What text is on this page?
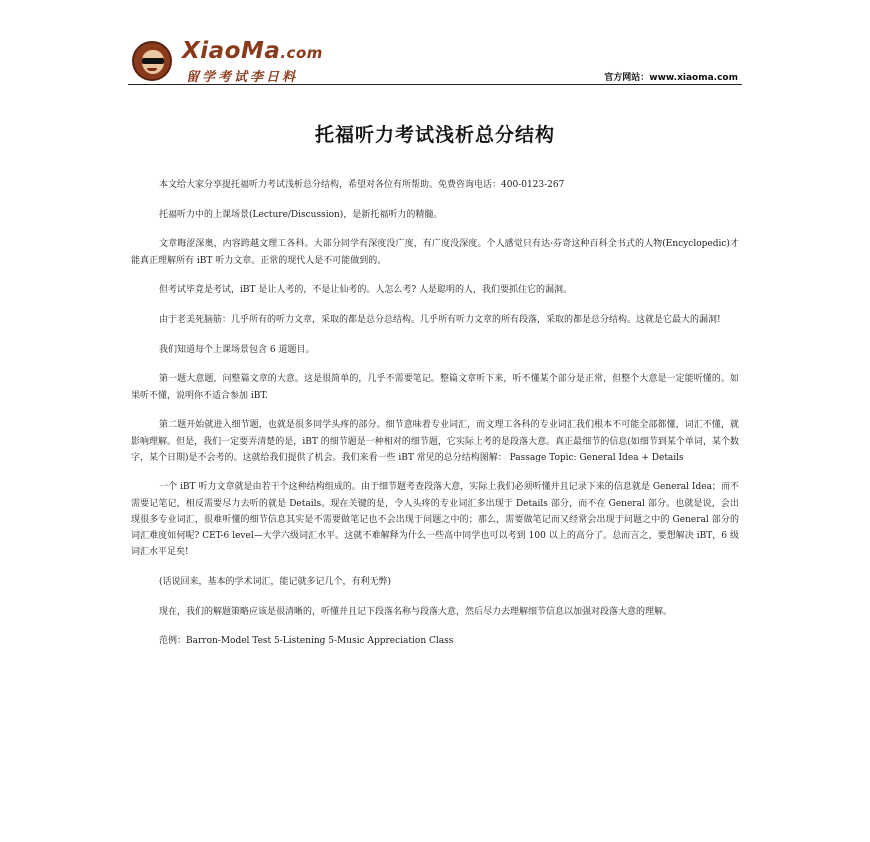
XiaoMa.com
留学考试李日料	官方网站：www.xiaoma.com
托福听力考试浅析总分结构

本文给大家分享提托福听力考试浅析总分结构，希望对各位有所帮助。免费咨询电话：400-0123-267

托福听力中的上课场景(Lecture/Discussion)，是新托福听力的精髓。

文章晦涩深奥，内容跨越文理工各科。大部分同学有深度没广度，有广度没深度。个人感觉只有达·芬奇这种百科全书式的人物(Encyclopedic)才能真正理解所有 iBT 听力文章。正常的现代人是不可能做到的。

但考试毕竟是考试，iBT 是让人考的，不是让仙考的。人怎么考? 人是聪明的人，我们要抓住它的漏洞。

由于老美死脑筋：几乎所有的听力文章，采取的都是总分总结构。几乎所有听力文章的所有段落，采取的都是总分结构。这就是它最大的漏洞!

我们知道每个上课场景包含 6 道题目。

第一题大意题，问整篇文章的大意。这是很简单的，几乎不需要笔记。整篇文章听下来，听不懂某个部分是正常，但整个大意是一定能听懂的。如果听不懂，说明你不适合参加 iBT.

第二题开始就进入细节题，也就是很多同学头疼的部分。细节意味着专业词汇，而文理工各科的专业词汇我们根本不可能全部都懂，词汇不懂，就影响理解。但是，我们一定要弄清楚的是，iBT 的细节题是一种相对的细节题，它实际上考的是段落大意。真正最细节的信息(如细节到某个单词，某个数字，某个日期)是不会考的。这就给我们提供了机会。我们来看一些 iBT 常见的总分结构图解： Passage Topic: General Idea + Details

一个 iBT 听力文章就是由若干个这种结构组成的。由于细节题考查段落大意，实际上我们必须听懂并且记录下来的信息就是 General Idea；而不需要记笔记，相反需要尽力去听的就是 Details。现在关键的是，令人头疼的专业词汇多出现于 Details 部分，而不在 General 部分。也就是说，会出现很多专业词汇，很难听懂的细节信息其实是不需要做笔记也不会出现于问题之中的；那么，需要做笔记而又经常会出现于问题之中的 General 部分的词汇难度如何呢? CET-6 level—大学六级词汇水平。这就不难解释为什么一些高中同学也可以考到 100 以上的高分了。总而言之，要想解决 iBT，6 级词汇水平足矣!

(话说回来，基本的学术词汇，能记就多记几个，有利无弊)

现在，我们的解题策略应该是很清晰的，听懂并且记下段落名称与段落大意，然后尽力去理解细节信息以加强对段落大意的理解。

范例：Barron-Model Test 5-Listening 5-Music Appreciation Class
